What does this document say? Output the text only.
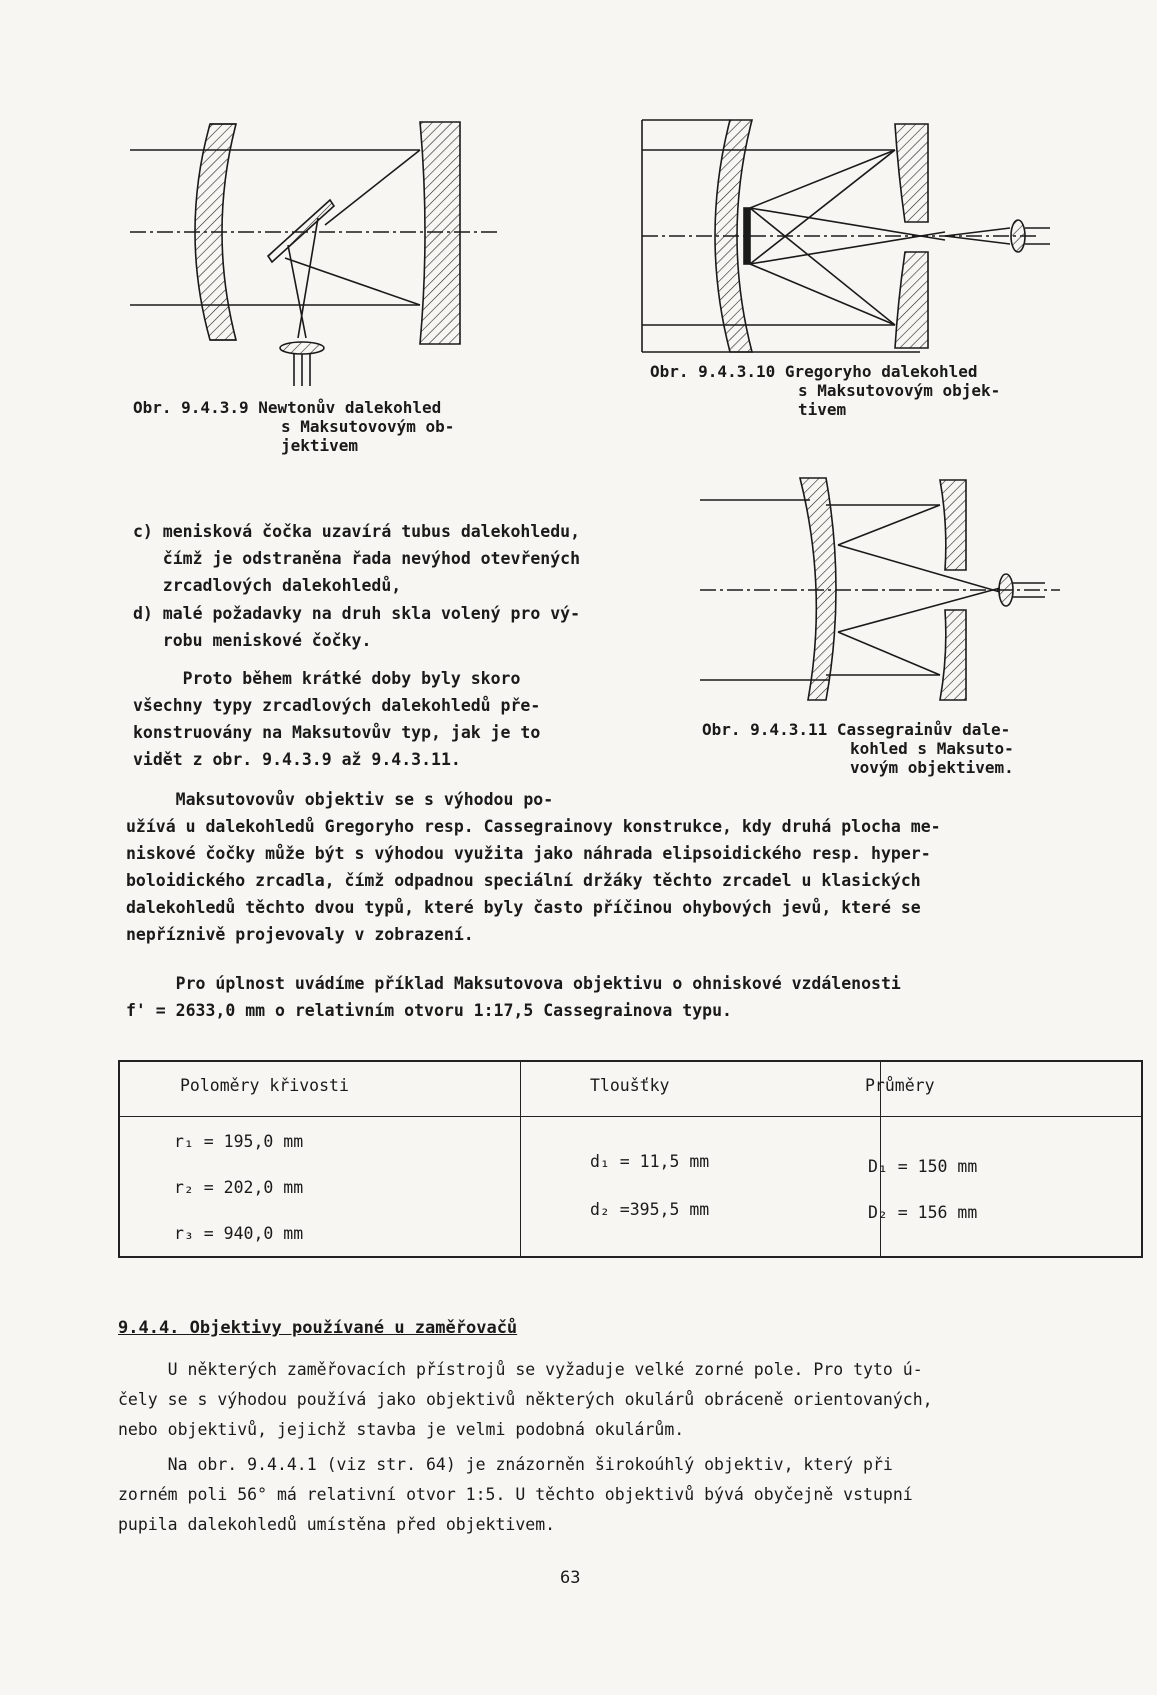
Obr. 9.4.3.9 Newtonův dalekohled
s Maksutovovým ob-
jektivem
Obr. 9.4.3.10 Gregoryho dalekohled
s Maksutovovým objek-
tivem
Obr. 9.4.3.11 Cassegrainův dale-
kohled s Maksuto-
vovým objektivem.
c) menisková čočka uzavírá tubus dalekohledu,
čímž je odstraněna řada nevýhod otevřených
zrcadlových dalekohledů,
d) malé požadavky na druh skla volený pro vý-
robu meniskové čočky.
Proto během krátké doby byly skoro
všechny typy zrcadlových dalekohledů pře-
konstruovány na Maksutovův typ, jak je to
vidět z obr. 9.4.3.9 až 9.4.3.11.
Maksutovovův objektiv se s výhodou po-
užívá u dalekohledů Gregoryho resp. Cassegrainovy konstrukce, kdy druhá plocha me-
niskové čočky může být s výhodou využita jako náhrada elipsoidického resp. hyper-
boloidického zrcadla, čímž odpadnou speciální držáky těchto zrcadel u klasických
dalekohledů těchto dvou typů, které byly často příčinou ohybových jevů, které se
nepříznivě projevovaly v zobrazení.
Pro úplnost uvádíme příklad Maksutovova objektivu o ohniskové vzdálenosti
f' = 2633,0 mm o relativním otvoru 1:17,5 Cassegrainova typu.
Poloměry křivosti	Tloušťky	Průměry
r₁ = 195,0 mm
r₂ = 202,0 mm
r₃ = 940,0 mm
d₁ = 11,5 mm
d₂ =395,5 mm
D₁ = 150 mm
D₂ = 156 mm
9.4.4. Objektivy používané u zaměřovačů
U některých zaměřovacích přístrojů se vyžaduje velké zorné pole. Pro tyto ú-
čely se s výhodou používá jako objektivů některých okulárů obráceně orientovaných,
nebo objektivů, jejichž stavba je velmi podobná okulárům.
Na obr. 9.4.4.1 (viz str. 64) je znázorněn širokoúhlý objektiv, který při
zorném poli 56° má relativní otvor 1:5. U těchto objektivů bývá obyčejně vstupní
pupila dalekohledů umístěna před objektivem.
63
